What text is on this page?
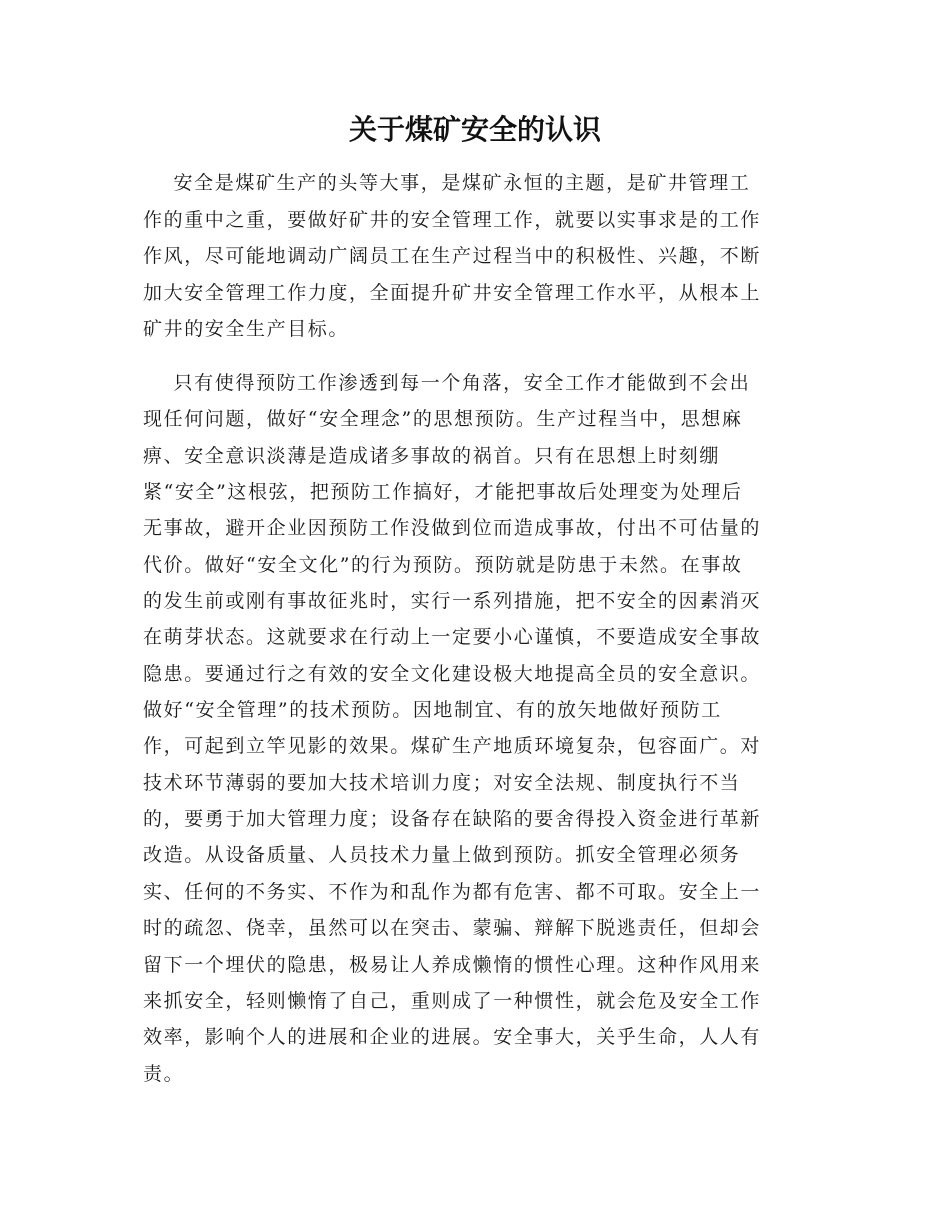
关于煤矿安全的认识
安全是煤矿生产的头等大事，是煤矿永恒的主题，是矿井管理工
作的重中之重，要做好矿井的安全管理工作，就要以实事求是的工作
作风，尽可能地调动广阔员工在生产过程当中的积极性、兴趣，不断
加大安全管理工作力度，全面提升矿井安全管理工作水平，从根本上
矿井的安全生产目标。
只有使得预防工作渗透到每一个角落，安全工作才能做到不会出
现任何问题，做好“安全理念”的思想预防。生产过程当中，思想麻
痹、安全意识淡薄是造成诸多事故的祸首。只有在思想上时刻绷
紧“安全”这根弦，把预防工作搞好，才能把事故后处理变为处理后
无事故，避开企业因预防工作没做到位而造成事故，付出不可估量的
代价。做好“安全文化”的行为预防。预防就是防患于未然。在事故
的发生前或刚有事故征兆时，实行一系列措施，把不安全的因素消灭
在萌芽状态。这就要求在行动上一定要小心谨慎，不要造成安全事故
隐患。要通过行之有效的安全文化建设极大地提高全员的安全意识。
做好“安全管理”的技术预防。因地制宜、有的放矢地做好预防工
作，可起到立竿见影的效果。煤矿生产地质环境复杂，包容面广。对
技术环节薄弱的要加大技术培训力度；对安全法规、制度执行不当
的，要勇于加大管理力度；设备存在缺陷的要舍得投入资金进行革新
改造。从设备质量、人员技术力量上做到预防。抓安全管理必须务
实、任何的不务实、不作为和乱作为都有危害、都不可取。安全上一
时的疏忽、侥幸，虽然可以在突击、蒙骗、辩解下脱逃责任，但却会
留下一个埋伏的隐患，极易让人养成懒惰的惯性心理。这种作风用来
来抓安全，轻则懒惰了自己，重则成了一种惯性，就会危及安全工作
效率，影响个人的进展和企业的进展。安全事大，关乎生命，人人有
责。
